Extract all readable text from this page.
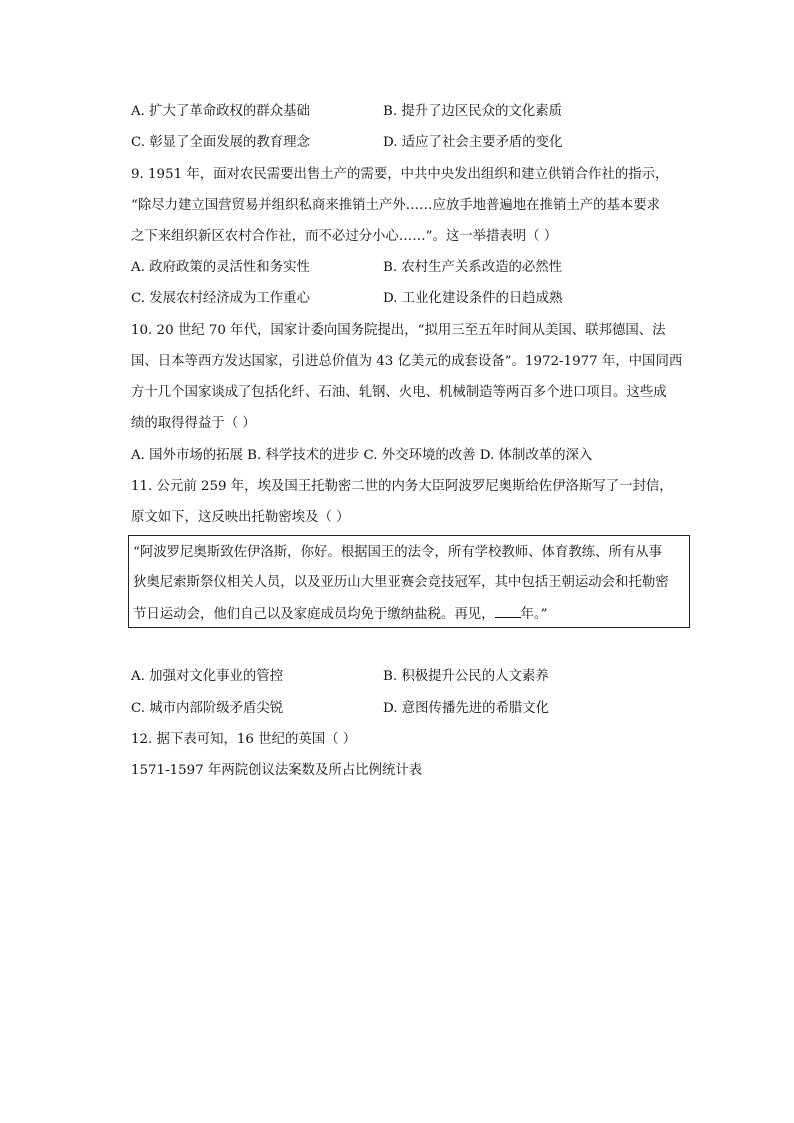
A. 扩大了革命政权的群众基础	B. 提升了边区民众的文化素质
C. 彰显了全面发展的教育理念	D. 适应了社会主要矛盾的变化
9. 1951 年，面对农民需要出售土产的需要，中共中央发出组织和建立供销合作社的指示，
“除尽力建立国营贸易并组织私商来推销土产外……应放手地普遍地在推销土产的基本要求
之下来组织新区农村合作社，而不必过分小心……”。这一举措表明（ ）
A. 政府政策的灵活性和务实性	B. 农村生产关系改造的必然性
C. 发展农村经济成为工作重心	D. 工业化建设条件的日趋成熟
10. 20 世纪 70 年代，国家计委向国务院提出，“拟用三至五年时间从美国、联邦德国、法
国、日本等西方发达国家，引进总价值为 43 亿美元的成套设备”。1972-1977 年，中国同西
方十几个国家谈成了包括化纤、石油、轧钢、火电、机械制造等两百多个进口项目。这些成
绩的取得得益于（ ）
A. 国外市场的拓展 B. 科学技术的进步 C. 外交环境的改善 D. 体制改革的深入
11. 公元前 259 年，埃及国王托勒密二世的内务大臣阿波罗尼奥斯给佐伊洛斯写了一封信，
原文如下，这反映出托勒密埃及（ ）
“阿波罗尼奥斯致佐伊洛斯，你好。根据国王的法令，所有学校教师、体育教练、所有从事
狄奥尼索斯祭仪相关人员，以及亚历山大里亚赛会竞技冠军，其中包括王朝运动会和托勒密
节日运动会，他们自己以及家庭成员均免于缴纳盐税。再见， 年。”
A. 加强对文化事业的管控	B. 积极提升公民的人文素养
C. 城市内部阶级矛盾尖锐	D. 意图传播先进的希腊文化
12. 据下表可知，16 世纪的英国（ ）
1571-1597 年两院创议法案数及所占比例统计表
